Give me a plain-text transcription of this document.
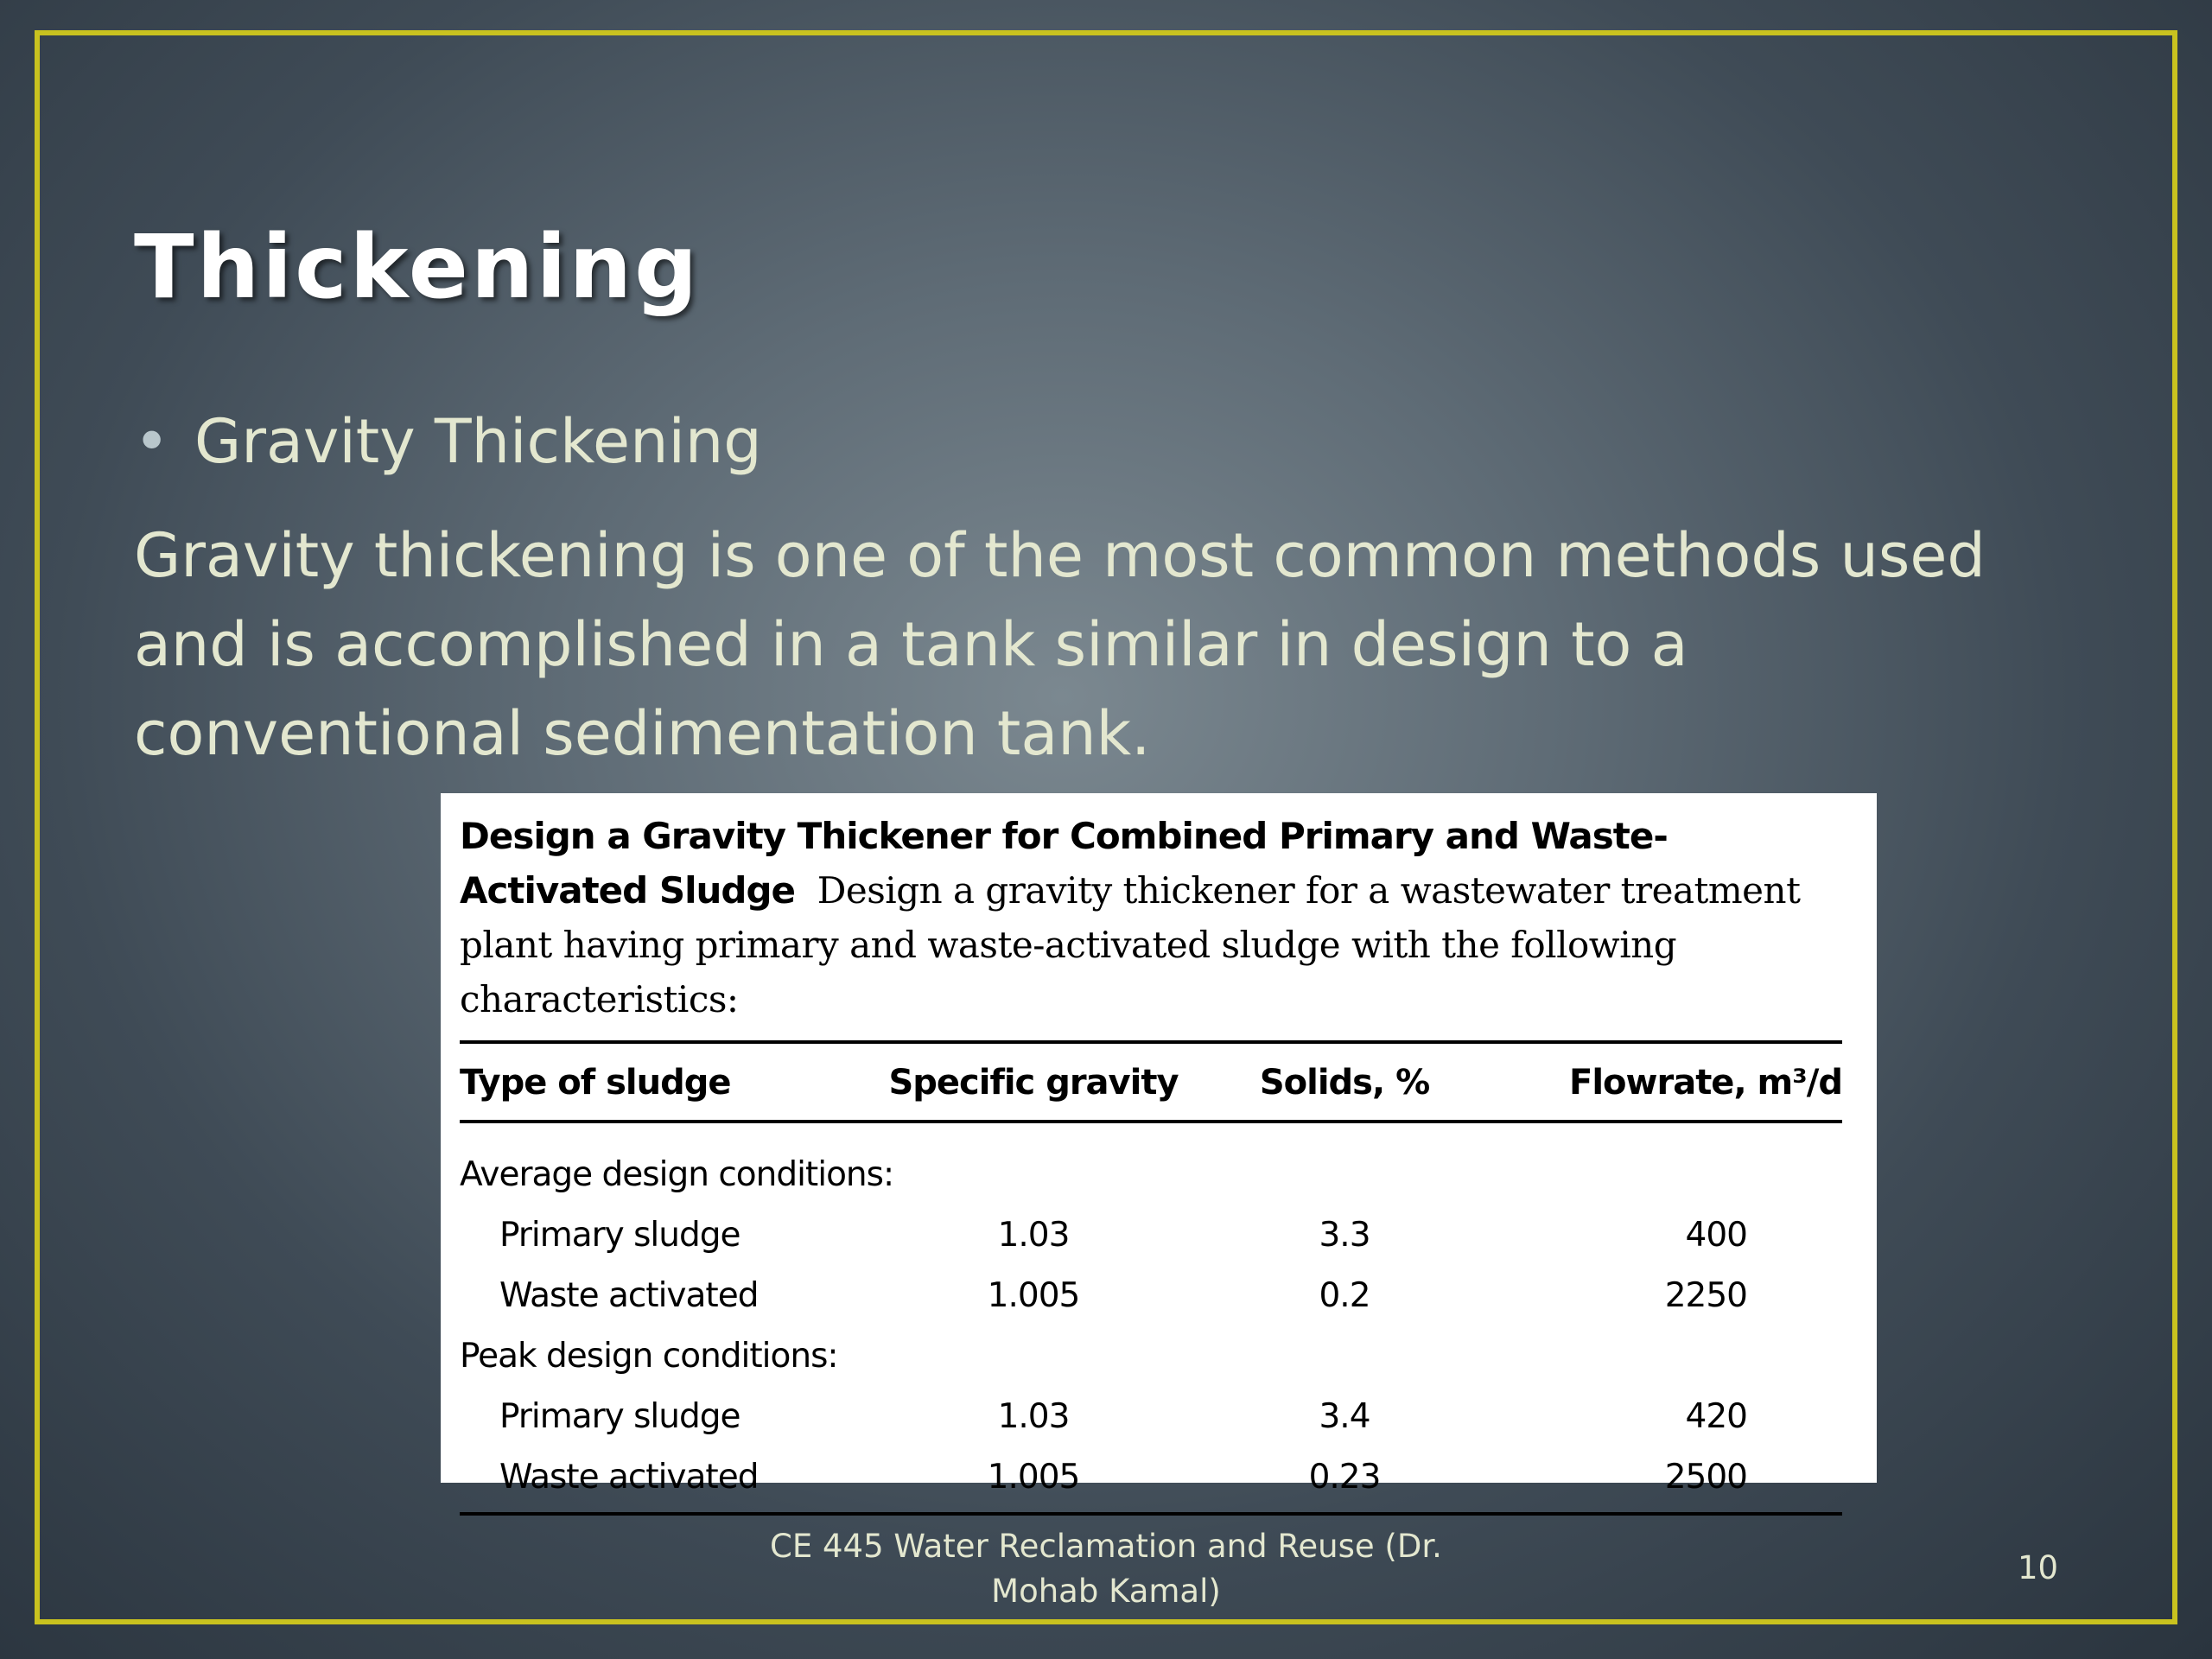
Thickening
• Gravity Thickening
Gravity thickening is one of the most common methods used and is accomplished in a tank similar in design to a conventional sedimentation tank.
Design a Gravity Thickener for Combined Primary and Waste-Activated Sludge Design a gravity thickener for a wastewater treatment plant having primary and waste-activated sludge with the following characteristics:
Type of sludge	Specific gravity	Solids, %	Flowrate, m³/d
Average design conditions:			
Primary sludge	1.03	3.3	400
Waste activated	1.005	0.2	2250
Peak design conditions:			
Primary sludge	1.03	3.4	420
Waste activated	1.005	0.23	2500
CE 445 Water Reclamation and Reuse (Dr. Mohab Kamal)
10
